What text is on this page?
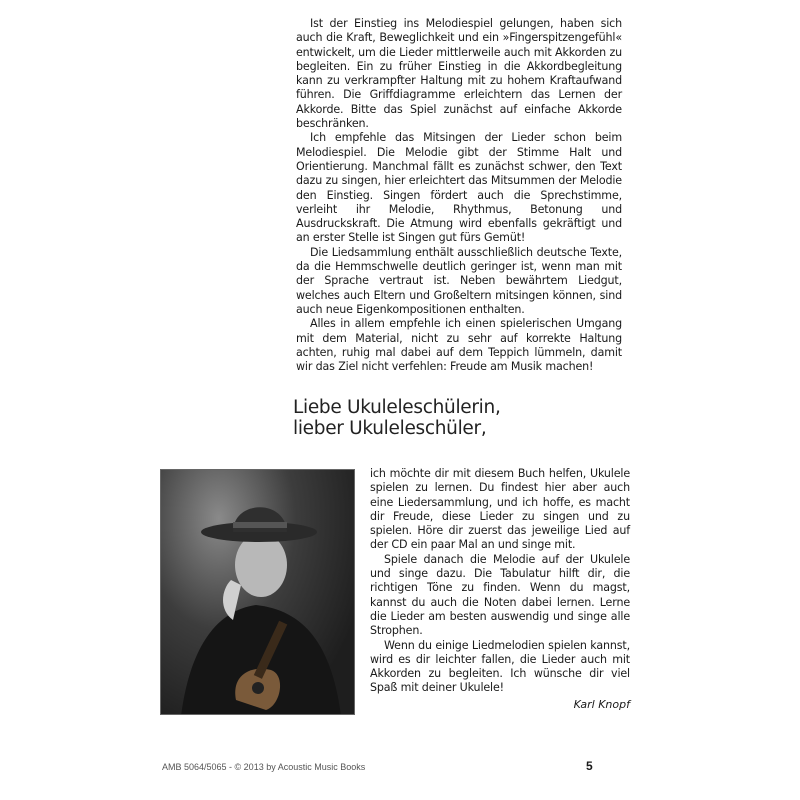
Ist der Einstieg ins Melodiespiel gelungen, haben sich auch die Kraft, Beweglichkeit und ein »Fingerspitzengefühl« entwickelt, um die Lieder mittlerweile auch mit Akkorden zu begleiten. Ein zu früher Einstieg in die Akkordbegleitung kann zu verkrampfter Haltung mit zu hohem Kraftaufwand führen. Die Griffdiagramme erleichtern das Lernen der Akkorde. Bitte das Spiel zunächst auf einfache Akkorde beschränken.

Ich empfehle das Mitsingen der Lieder schon beim Melodiespiel. Die Melodie gibt der Stimme Halt und Orientierung. Manchmal fällt es zunächst schwer, den Text dazu zu singen, hier erleichtert das Mitsummen der Melodie den Einstieg. Singen fördert auch die Sprechstimme, verleiht ihr Melodie, Rhythmus, Betonung und Ausdruckskraft. Die Atmung wird ebenfalls gekräftigt und an erster Stelle ist Singen gut fürs Gemüt!

Die Liedsammlung enthält ausschließlich deutsche Texte, da die Hemmschwelle deutlich geringer ist, wenn man mit der Sprache vertraut ist. Neben bewährtem Liedgut, welches auch Eltern und Großeltern mitsingen können, sind auch neue Eigenkompositionen enthalten.

Alles in allem empfehle ich einen spielerischen Umgang mit dem Material, nicht zu sehr auf korrekte Haltung achten, ruhig mal dabei auf dem Teppich lümmeln, damit wir das Ziel nicht verfehlen: Freude am Musik machen!

Liebe Ukuleleschülerin,
lieber Ukuleleschüler,

ich möchte dir mit diesem Buch helfen, Ukulele spielen zu lernen. Du findest hier aber auch eine Liedersammlung, und ich hoffe, es macht dir Freude, diese Lieder zu singen und zu spielen. Höre dir zuerst das jeweilige Lied auf der CD ein paar Mal an und singe mit.

Spiele danach die Melodie auf der Ukulele und singe dazu. Die Tabulatur hilft dir, die richtigen Töne zu finden. Wenn du magst, kannst du auch die Noten dabei lernen. Lerne die Lieder am besten auswendig und singe alle Strophen.

Wenn du einige Liedmelodien spielen kannst, wird es dir leichter fallen, die Lieder auch mit Akkorden zu begleiten. Ich wünsche dir viel Spaß mit deiner Ukulele!

Karl Knopf
AMB 5064/5065 - © 2013 by Acoustic Music Books	5
